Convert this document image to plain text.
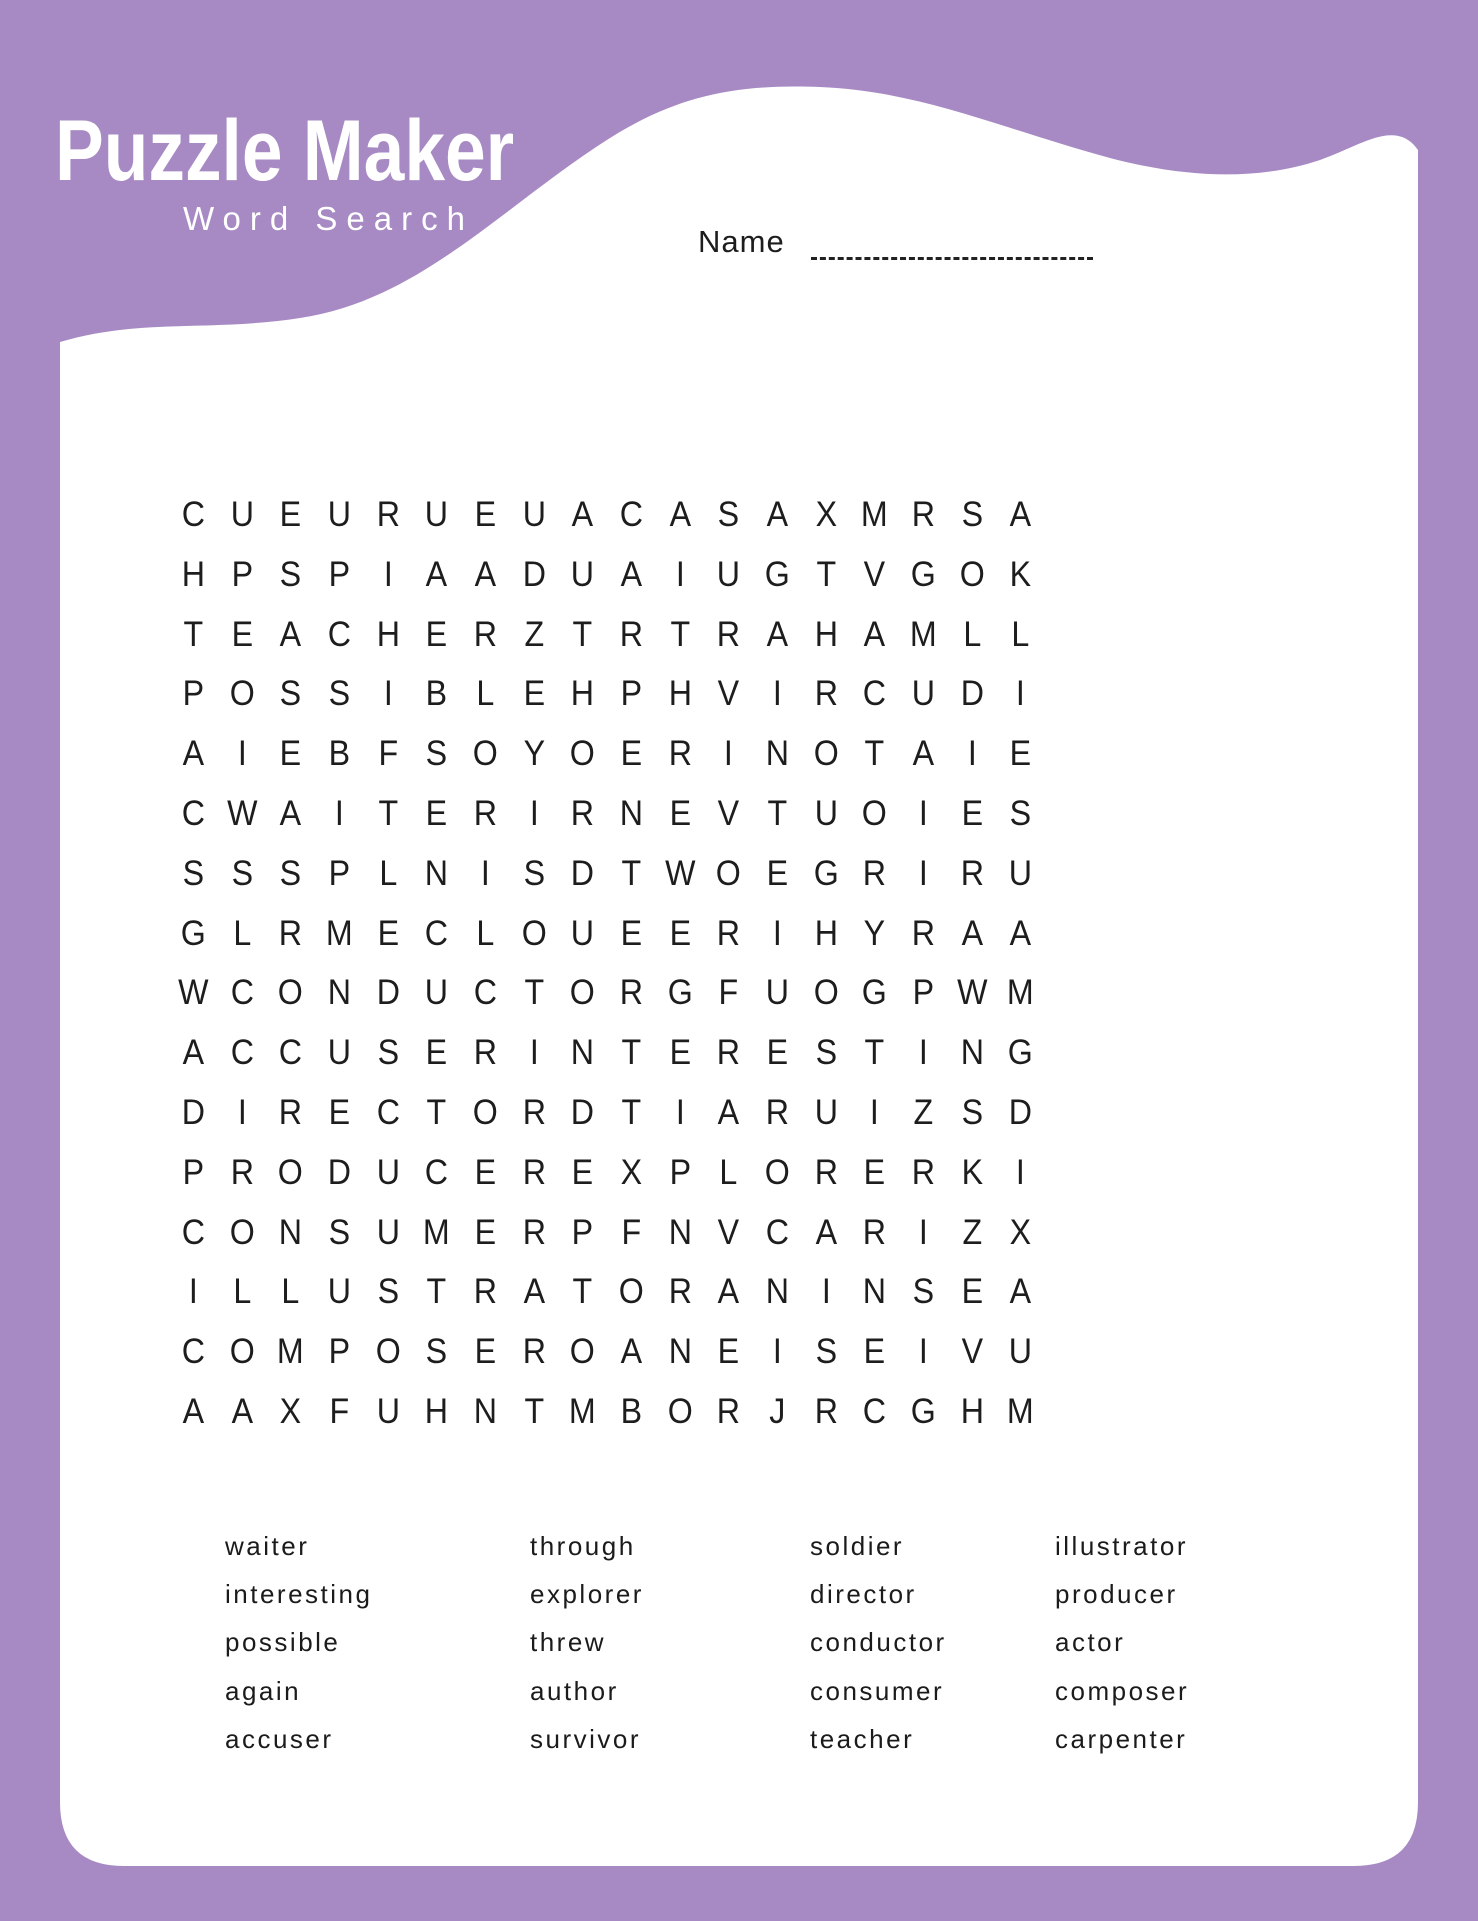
Puzzle Maker
Word Search
Name
C U E U R U E U A C A S A X M R S A
H P S P I A A D U A I U G T V G O K
T E A C H E R Z T R T R A H A M L L
P O S S I B L E H P H V I R C U D I
A I E B F S O Y O E R I N O T A I E
C W A I T E R I R N E V T U O I E S
S S S P L N I S D T W O E G R I R U
G L R M E C L O U E E R I H Y R A A
W C O N D U C T O R G F U O G P W M
A C C U S E R I N T E R E S T I N G
D I R E C T O R D T I A R U I Z S D
P R O D U C E R E X P L O R E R K I
C O N S U M E R P F N V C A R I Z X
I	L L U S T R A T O R A N I N S E A
C O M P O S E R O A N E I S E I V U
A A X F U H N T M B O R J R C G H M
waiter
interesting
possible
again
accuser
through
explorer
threw
author
survivor
soldier
director
conductor
consumer
teacher
illustrator
producer
actor
composer
carpenter
